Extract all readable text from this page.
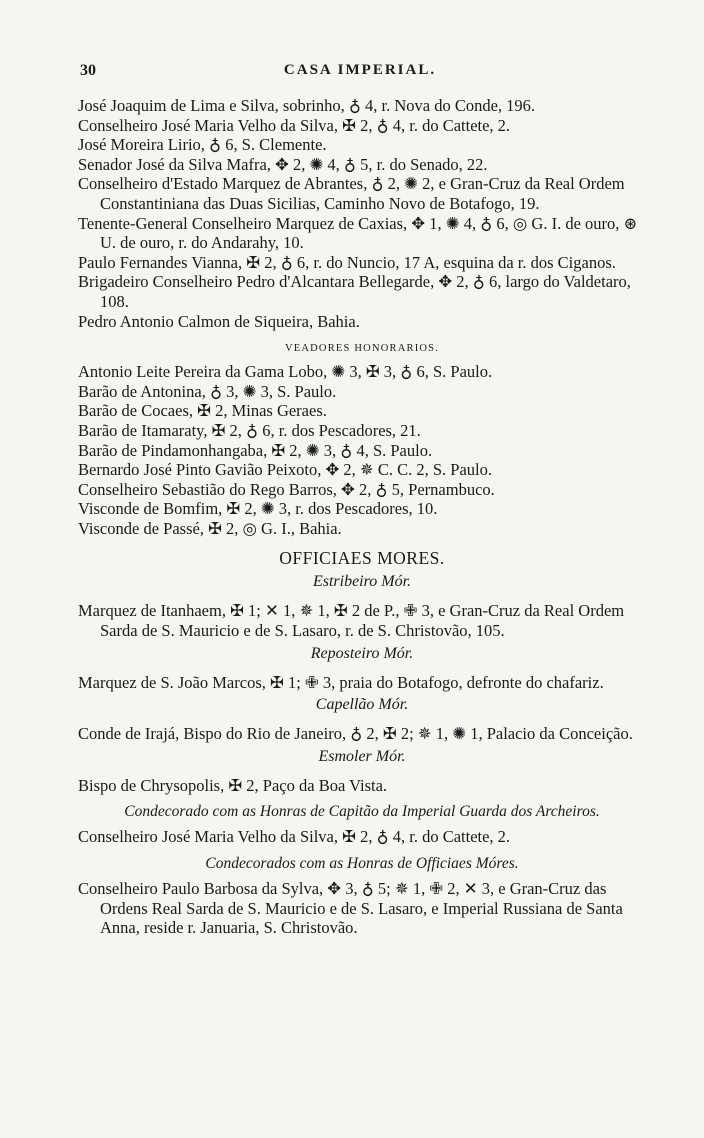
30	CASA IMPERIAL.

José Joaquim de Lima e Silva, sobrinho, ♁ 4, r. Nova do Conde, 196.

Conselheiro José Maria Velho da Silva, ✠ 2, ♁ 4, r. do Cattete, 2.

José Moreira Lirio, ♁ 6, S. Clemente.

Senador José da Silva Mafra, ✥ 2, ✺ 4, ♁ 5, r. do Senado, 22.

Conselheiro d'Estado Marquez de Abrantes, ♁ 2, ✺ 2, e Gran-Cruz da Real Ordem Constantiniana das Duas Sicilias, Caminho Novo de Botafogo, 19.

Tenente-General Conselheiro Marquez de Caxias, ✥ 1, ✺ 4, ♁ 6, ◎ G. I. de ouro, ⊛ U. de ouro, r. do Andarahy, 10.

Paulo Fernandes Vianna, ✠ 2, ♁ 6, r. do Nuncio, 17 A, esquina da r. dos Ciganos.

Brigadeiro Conselheiro Pedro d'Alcantara Bellegarde, ✥ 2, ♁ 6, largo do Valdetaro, 108.

Pedro Antonio Calmon de Siqueira, Bahia.

VEADORES HONORARIOS.

Antonio Leite Pereira da Gama Lobo, ✺ 3, ✠ 3, ♁ 6, S. Paulo.

Barão de Antonina, ♁ 3, ✺ 3, S. Paulo.

Barão de Cocaes, ✠ 2, Minas Geraes.

Barão de Itamaraty, ✠ 2, ♁ 6, r. dos Pescadores, 21.

Barão de Pindamonhangaba, ✠ 2, ✺ 3, ♁ 4, S. Paulo.

Bernardo José Pinto Gavião Peixoto, ✥ 2, ✵ C. C. 2, S. Paulo.

Conselheiro Sebastião do Rego Barros, ✥ 2, ♁ 5, Pernambuco.

Visconde de Bomfim, ✠ 2, ✺ 3, r. dos Pescadores, 10.

Visconde de Passé, ✠ 2, ◎ G. I., Bahia.

OFFICIAES MORES.
Estribeiro Mór.

Marquez de Itanhaem, ✠ 1; ✕ 1, ✵ 1, ✠ 2 de P., ✙ 3, e Gran-Cruz da Real Ordem Sarda de S. Mauricio e de S. Lasaro, r. de S. Christovão, 105.

Reposteiro Mór.

Marquez de S. João Marcos, ✠ 1; ✙ 3, praia do Botafogo, defronte do chafariz.

Capellão Mór.

Conde de Irajá, Bispo do Rio de Janeiro, ♁ 2, ✠ 2; ✵ 1, ✺ 1, Palacio da Conceição.

Esmoler Mór.

Bispo de Chrysopolis, ✠ 2, Paço da Boa Vista.

Condecorado com as Honras de Capitão da Imperial Guarda dos Archeiros.

Conselheiro José Maria Velho da Silva, ✠ 2, ♁ 4, r. do Cattete, 2.

Condecorados com as Honras de Officiaes Móres.

Conselheiro Paulo Barbosa da Sylva, ✥ 3, ♁ 5; ✵ 1, ✙ 2, ✕ 3, e Gran-Cruz das Ordens Real Sarda de S. Mauricio e de S. Lasaro, e Imperial Russiana de Santa Anna, reside r. Januaria, S. Christovão.
